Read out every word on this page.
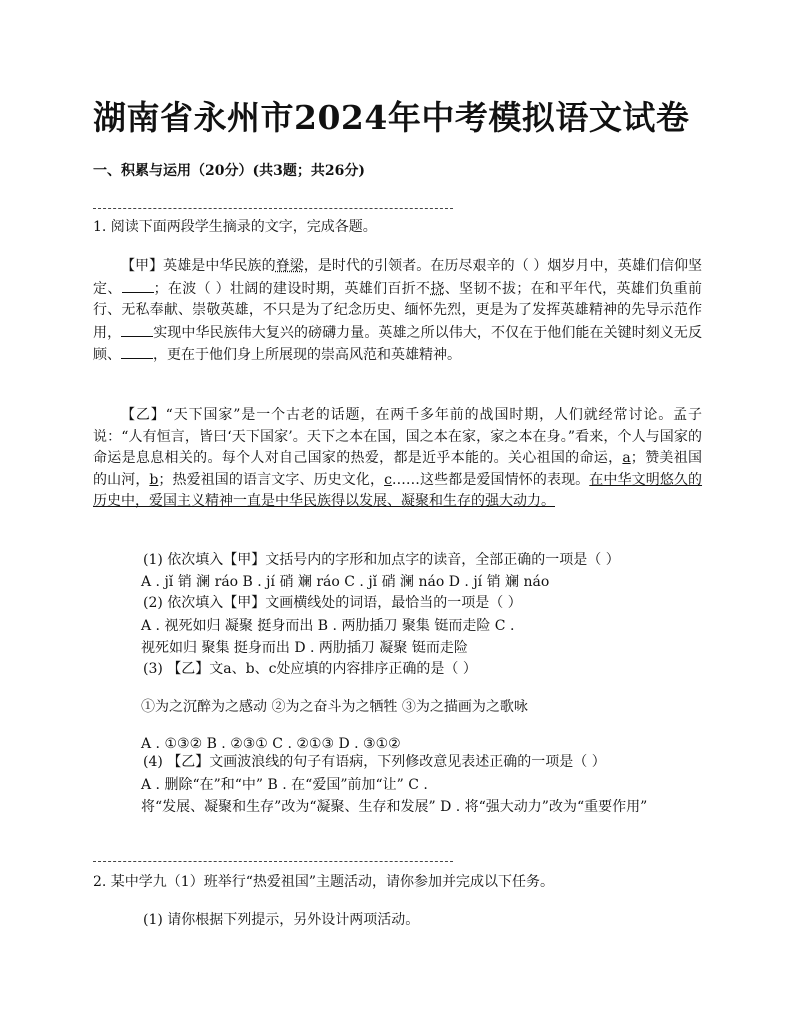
湖南省永州市2024年中考模拟语文试卷
一、积累与运用（20分）(共3题；共26分)
1. 阅读下面两段学生摘录的文字，完成各题。
【甲】英雄是中华民族的脊梁，是时代的引领者。在历尽艰辛的（ ）烟岁月中，英雄们信仰坚定、 ；在波（ ）壮阔的建设时期，英雄们百折不挠、坚韧不拔；在和平年代，英雄们负重前行、无私奉献、崇敬英雄，不只是为了纪念历史、缅怀先烈，更是为了发挥英雄精神的先导示范作用， 实现中华民族伟大复兴的磅礴力量。英雄之所以伟大，不仅在于他们能在关键时刻义无反顾、 ，更在于他们身上所展现的崇高风范和英雄精神。
【乙】“天下国家”是一个古老的话题，在两千多年前的战国时期，人们就经常讨论。孟子说：“人有恒言，皆曰‘天下国家’。天下之本在国，国之本在家，家之本在身。”看来，个人与国家的命运是息息相关的。每个人对自己国家的热爱，都是近乎本能的。关心祖国的命运，a；赞美祖国的山河，b；热爱祖国的语言文字、历史文化，c……这些都是爱国情怀的表现。在中华文明悠久的历史中，爱国主义精神一直是中华民族得以发展、凝聚和生存的强大动力。
(1) 依次填入【甲】文括号内的字形和加点字的读音，全部正确的一项是（ ）
A . jǐ 销 澜 ráo B . jí 硝 斓 ráo C . jǐ 硝 澜 náo D . jí 销 斓 náo
(2) 依次填入【甲】文画横线处的词语，最恰当的一项是（ ）
A . 视死如归 凝聚 挺身而出 B . 两肋插刀 聚集 铤而走险 C .
视死如归 聚集 挺身而出 D . 两肋插刀 凝聚 铤而走险
(3) 【乙】文a、b、c处应填的内容排序正确的是（ ）
①为之沉醉为之感动 ②为之奋斗为之牺牲 ③为之描画为之歌咏
A . ①③② B . ②③① C . ②①③ D . ③①②
(4) 【乙】文画波浪线的句子有语病，下列修改意见表述正确的一项是（ ）
A . 删除“在”和“中” B . 在“爱国”前加“让” C .
将“发展、凝聚和生存”改为“凝聚、生存和发展” D . 将“强大动力”改为“重要作用”
2. 某中学九（1）班举行“热爱祖国”主题活动，请你参加并完成以下任务。
(1) 请你根据下列提示，另外设计两项活动。
